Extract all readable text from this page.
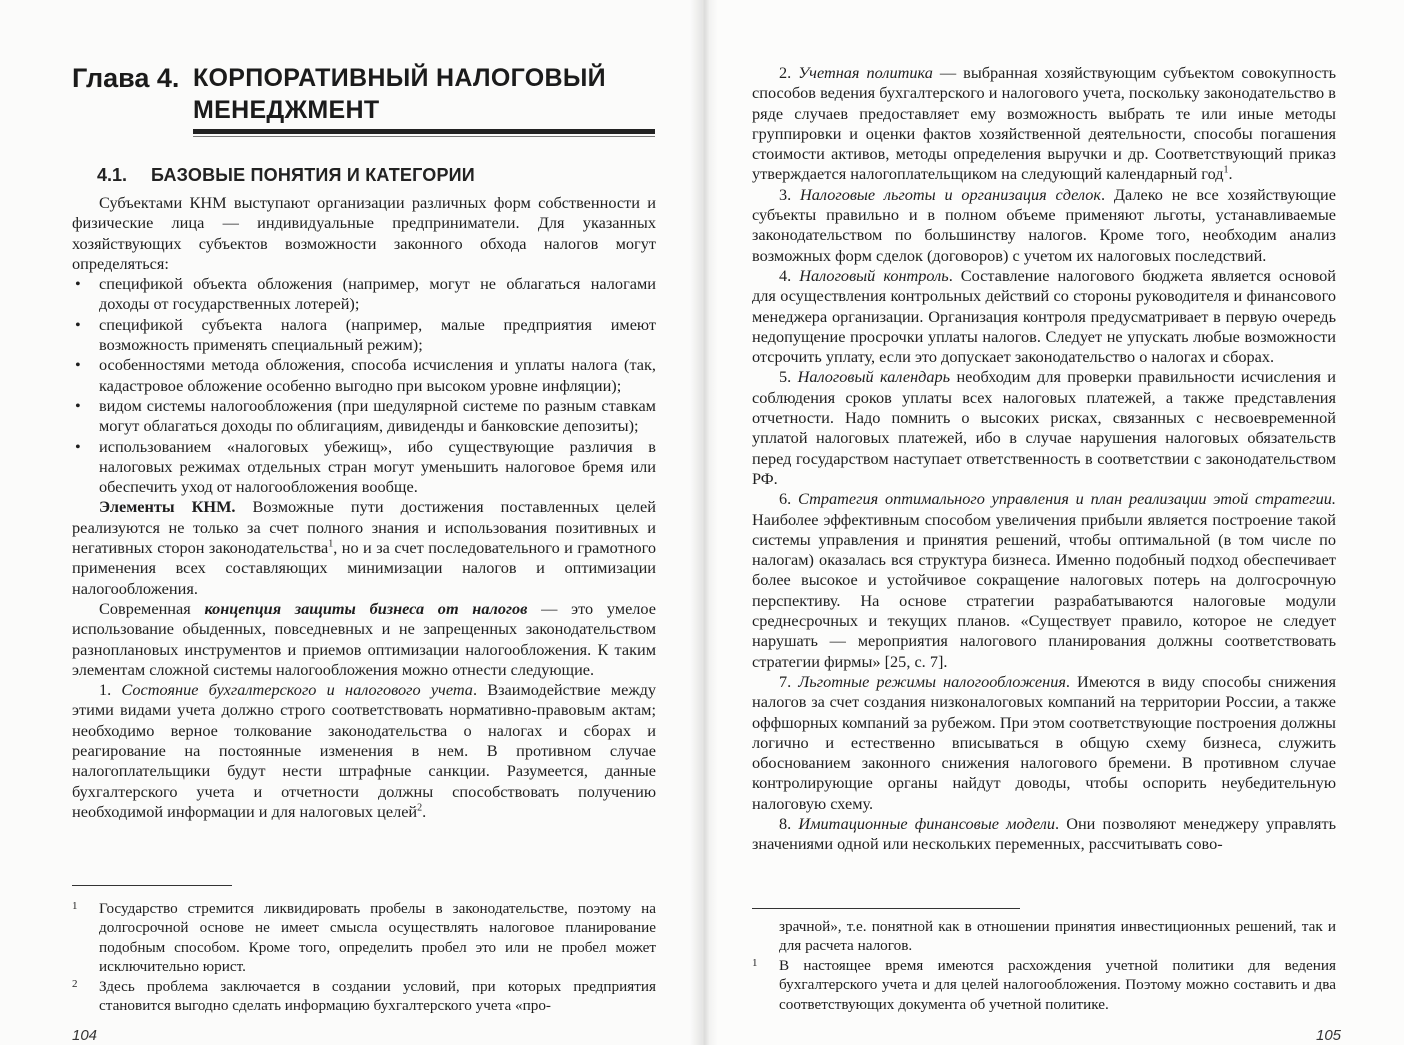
Глава 4. КОРПОРАТИВНЫЙ НАЛОГОВЫЙ
МЕНЕДЖМЕНТ
4.1. БАЗОВЫЕ ПОНЯТИЯ И КАТЕГОРИИ

Субъектами КНМ выступают организации различных форм собственности и физические лица — индивидуальные предприниматели. Для указанных хозяйствующих субъектов возможности законного обхода налогов могут определяться:

• спецификой объекта обложения (например, могут не облагаться налогами доходы от государственных лотерей);
• спецификой субъекта налога (например, малые предприятия имеют возможность применять специальный режим);
• особенностями метода обложения, способа исчисления и уплаты налога (так, кадастровое обложение особенно выгодно при высоком уровне инфляции);
• видом системы налогообложения (при шедулярной системе по разным ставкам могут облагаться доходы по облигациям, дивиденды и банковские депозиты);
• использованием «налоговых убежищ», ибо существующие различия в налоговых режимах отдельных стран могут уменьшить налоговое бремя или обеспечить уход от налогообложения вообще.

Элементы КНМ. Возможные пути достижения поставленных целей реализуются не только за счет полного знания и использования позитивных и негативных сторон законодательства$^1$, но и за счет последовательного и грамотного применения всех составляющих минимизации налогов и оптимизации налогообложения.

Современная концепция защиты бизнеса от налогов — это умелое использование обыденных, повседневных и не запрещенных законодательством разноплановых инструментов и приемов оптимизации налогообложения. К таким элементам сложной системы налогообложения можно отнести следующие.

1. Состояние бухгалтерского и налогового учета. Взаимодействие между этими видами учета должно строго соответствовать нормативно-правовым актам; необходимо верное толкование законодательства о налогах и сборах и реагирование на постоянные изменения в нем. В противном случае налогоплательщики будут нести штрафные санкции. Разумеется, данные бухгалтерского учета и отчетности должны способствовать получению необходимой информации и для налоговых целей$^2$.

1 Государство стремится ликвидировать пробелы в законодательстве, поэтому на долгосрочной основе не имеет смысла осуществлять налоговое планирование подобным способом. Кроме того, определить пробел это или не пробел может исключительно юрист.
2 Здесь проблема заключается в создании условий, при которых предприятия становится выгодно сделать информацию бухгалтерского учета «про-
104

2. Учетная политика — выбранная хозяйствующим субъектом совокупность способов ведения бухгалтерского и налогового учета, поскольку законодательство в ряде случаев предоставляет ему возможность выбрать те или иные методы группировки и оценки фактов хозяйственной деятельности, способы погашения стоимости активов, методы определения выручки и др. Соответствующий приказ утверждается налогоплательщиком на следующий календарный год$^1$.

3. Налоговые льготы и организация сделок. Далеко не все хозяйствующие субъекты правильно и в полном объеме применяют льготы, устанавливаемые законодательством по большинству налогов. Кроме того, необходим анализ возможных форм сделок (договоров) с учетом их налоговых последствий.

4. Налоговый контроль. Составление налогового бюджета является основой для осуществления контрольных действий со стороны руководителя и финансового менеджера организации. Организация контроля предусматривает в первую очередь недопущение просрочки уплаты налогов. Следует не упускать любые возможности отсрочить уплату, если это допускает законодательство о налогах и сборах.

5. Налоговый календарь необходим для проверки правильности исчисления и соблюдения сроков уплаты всех налоговых платежей, а также представления отчетности. Надо помнить о высоких рисках, связанных с несвоевременной уплатой налоговых платежей, ибо в случае нарушения налоговых обязательств перед государством наступает ответственность в соответствии с законодательством РФ.

6. Стратегия оптимального управления и план реализации этой стратегии. Наиболее эффективным способом увеличения прибыли является построение такой системы управления и принятия решений, чтобы оптимальной (в том числе по налогам) оказалась вся структура бизнеса. Именно подобный подход обеспечивает более высокое и устойчивое сокращение налоговых потерь на долгосрочную перспективу. На основе стратегии разрабатываются налоговые модули среднесрочных и текущих планов. «Существует правило, которое не следует нарушать — мероприятия налогового планирования должны соответствовать стратегии фирмы» [25, с. 7].

7. Льготные режимы налогообложения. Имеются в виду способы снижения налогов за счет создания низконалоговых компаний на территории России, а также оффшорных компаний за рубежом. При этом соответствующие построения должны логично и естественно вписываться в общую схему бизнеса, служить обоснованием законного снижения налогового бремени. В противном случае контролирующие органы найдут доводы, чтобы оспорить неубедительную налоговую схему.

8. Имитационные финансовые модели. Они позволяют менеджеру управлять значениями одной или нескольких переменных, рассчитывать сово-

зрачной», т.е. понятной как в отношении принятия инвестиционных решений, так и для расчета налогов.
1 В настоящее время имеются расхождения учетной политики для ведения бухгалтерского учета и для целей налогообложения. Поэтому можно составить и два соответствующих документа об учетной политике.
105
